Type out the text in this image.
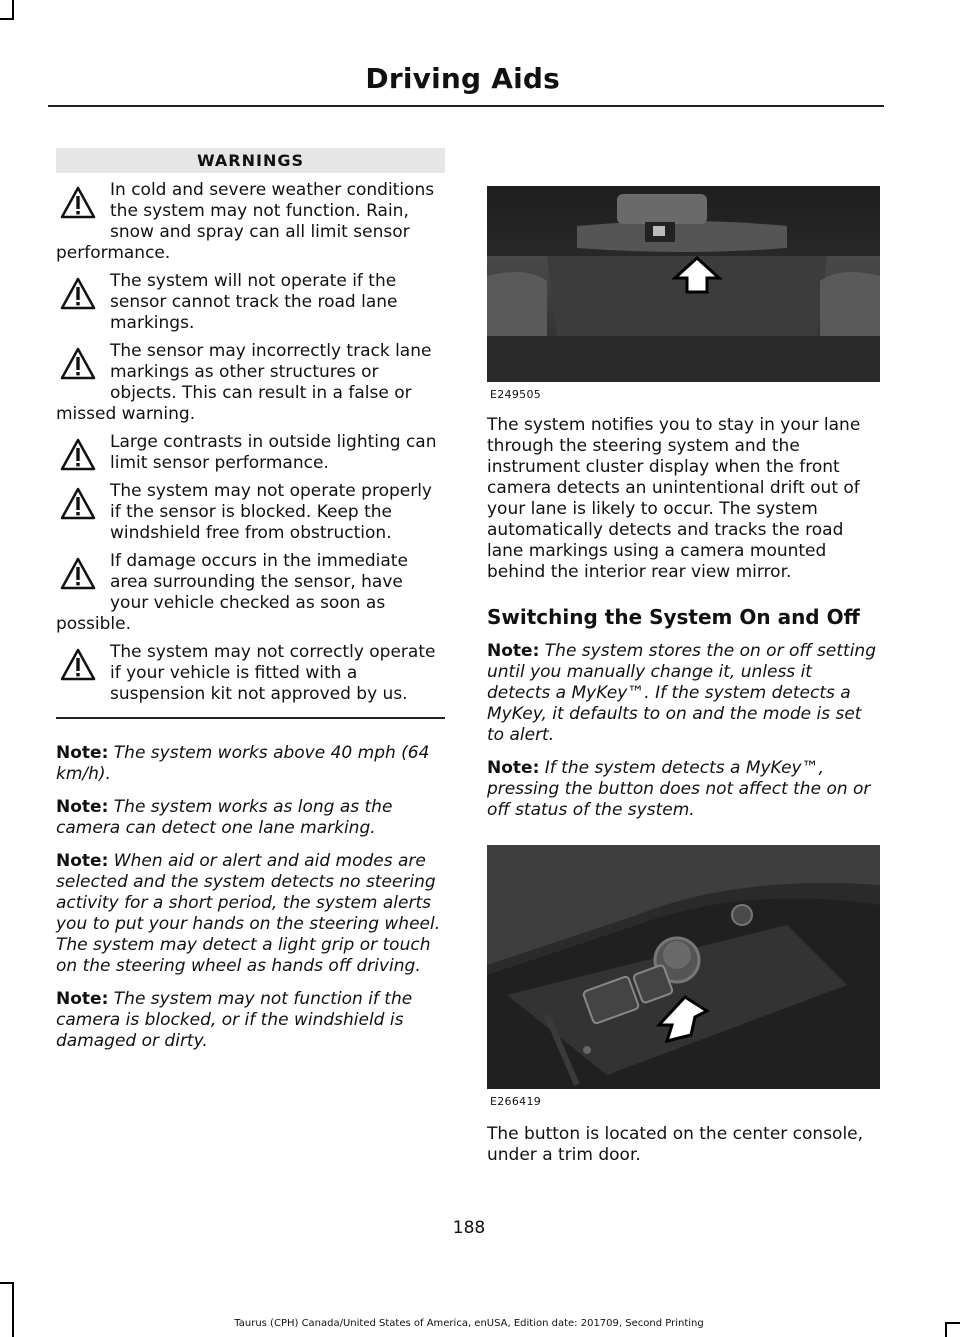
Driving Aids
WARNINGS

In cold and severe weather conditions the system may not function. Rain, snow and spray can all limit sensor performance.

The system will not operate if the sensor cannot track the road lane markings.

The sensor may incorrectly track lane markings as other structures or objects. This can result in a false or missed warning.

Large contrasts in outside lighting can limit sensor performance.

The system may not operate properly if the sensor is blocked. Keep the windshield free from obstruction.

If damage occurs in the immediate area surrounding the sensor, have your vehicle checked as soon as possible.

The system may not correctly operate if your vehicle is fitted with a suspension kit not approved by us.

Note: The system works above 40 mph (64 km/h).

Note: The system works as long as the camera can detect one lane marking.

Note: When aid or alert and aid modes are selected and the system detects no steering activity for a short period, the system alerts you to put your hands on the steering wheel. The system may detect a light grip or touch on the steering wheel as hands off driving.

Note: The system may not function if the camera is blocked, or if the windshield is damaged or dirty.

E249505

The system notifies you to stay in your lane through the steering system and the instrument cluster display when the front camera detects an unintentional drift out of your lane is likely to occur. The system automatically detects and tracks the road lane markings using a camera mounted behind the interior rear view mirror.

Switching the System On and Off

Note: The system stores the on or off setting until you manually change it, unless it detects a MyKey™. If the system detects a MyKey, it defaults to on and the mode is set to alert.

Note: If the system detects a MyKey™, pressing the button does not affect the on or off status of the system.

E266419

The button is located on the center console, under a trim door.

188
Taurus (CPH) Canada/United States of America, enUSA, Edition date: 201709, Second Printing
